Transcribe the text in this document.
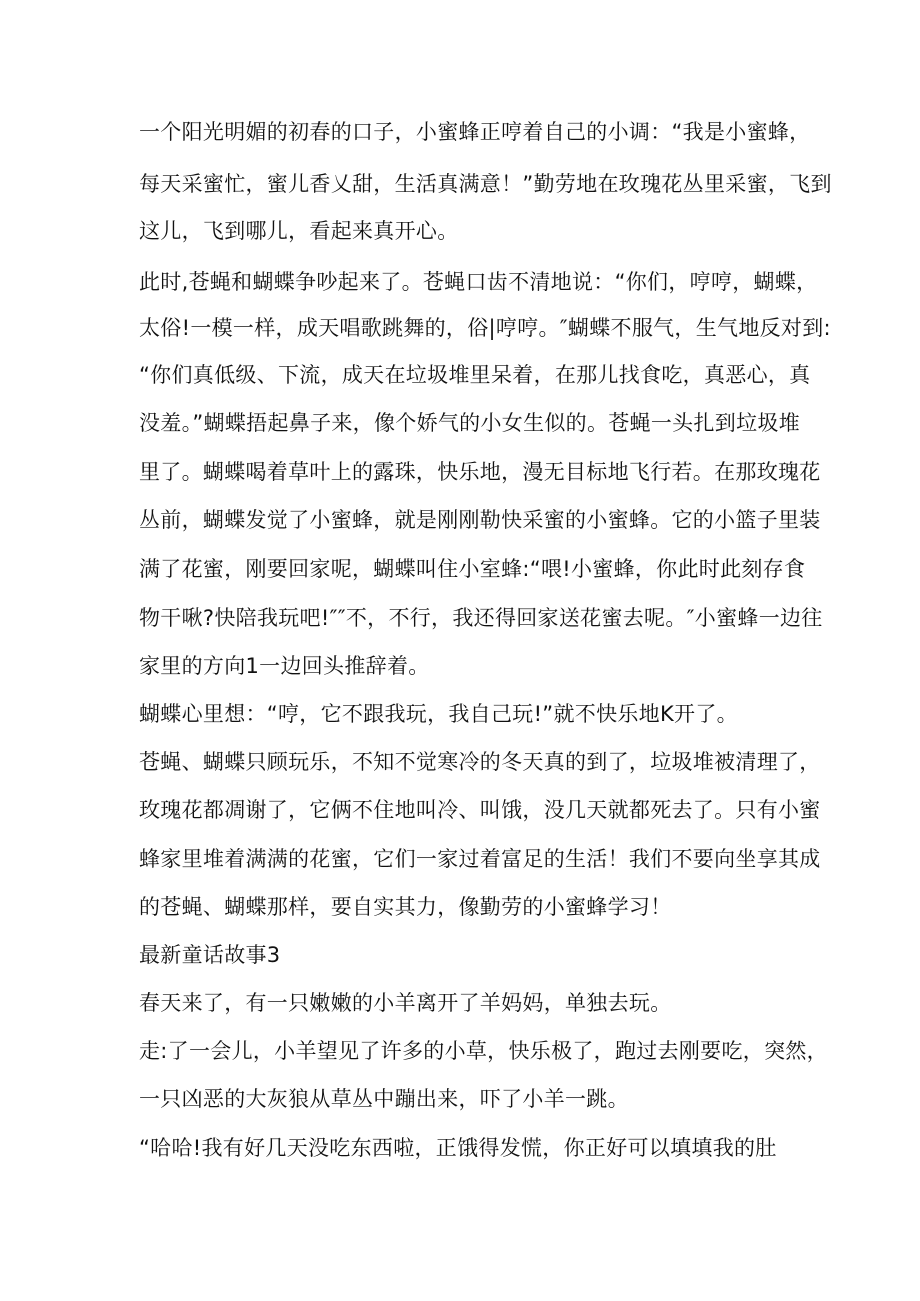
一个阳光明媚的初春的口子，小蜜蜂正哼着自己的小调：“我是小蜜蜂，
每天采蜜忙，蜜儿香乂甜，生活真满意！”勤劳地在玫瑰花丛里采蜜，飞到
这儿，飞到哪儿，看起来真开心。
此时,苍蝇和蝴蝶争吵起来了。苍蝇口齿不清地说：“你们，哼哼，蝴蝶，
太俗!一模一样，成天唱歌跳舞的，俗|哼哼。″蝴蝶不服气，生气地反对到:
“你们真低级、下流，成天在垃圾堆里呆着，在那儿找食吃，真恶心，真
没羞。”蝴蝶捂起鼻子来，像个娇气的小女生似的。苍蝇一头扎到垃圾堆
里了。蝴蝶喝着草叶上的露珠，快乐地，漫无目标地飞行若。在那玫瑰花
丛前，蝴蝶发觉了小蜜蜂，就是刚刚勒快采蜜的小蜜蜂。它的小篮子里装
满了花蜜，刚要回家呢，蝴蝶叫住小室蜂:“喂!小蜜蜂，你此时此刻存食
物干啾?快陪我玩吧!″″不，不行，我还得回家送花蜜去呢。″小蜜蜂一边往
家里的方向1一边回头推辞着。
蝴蝶心里想：“哼，它不跟我玩，我自己玩!”就不快乐地K开了。
苍蝇、蝴蝶只顾玩乐，不知不觉寒冷的冬天真的到了，垃圾堆被清理了，
玫瑰花都凋谢了，它俩不住地叫冷、叫饿，没几天就都死去了。只有小蜜
蜂家里堆着满满的花蜜，它们一家过着富足的生活！我们不要向坐享其成
的苍蝇、蝴蝶那样，要自实其力，像勤劳的小蜜蜂学习！
最新童话故事3
春天来了，有一只嫩嫩的小羊离开了羊妈妈，单独去玩。
走:了一会儿，小羊望见了许多的小草，快乐极了，跑过去刚要吃，突然，
一只凶恶的大灰狼从草丛中蹦出来，吓了小羊一跳。
“哈哈!我有好几天没吃东西啦，正饿得发慌，你正好可以填填我的肚
